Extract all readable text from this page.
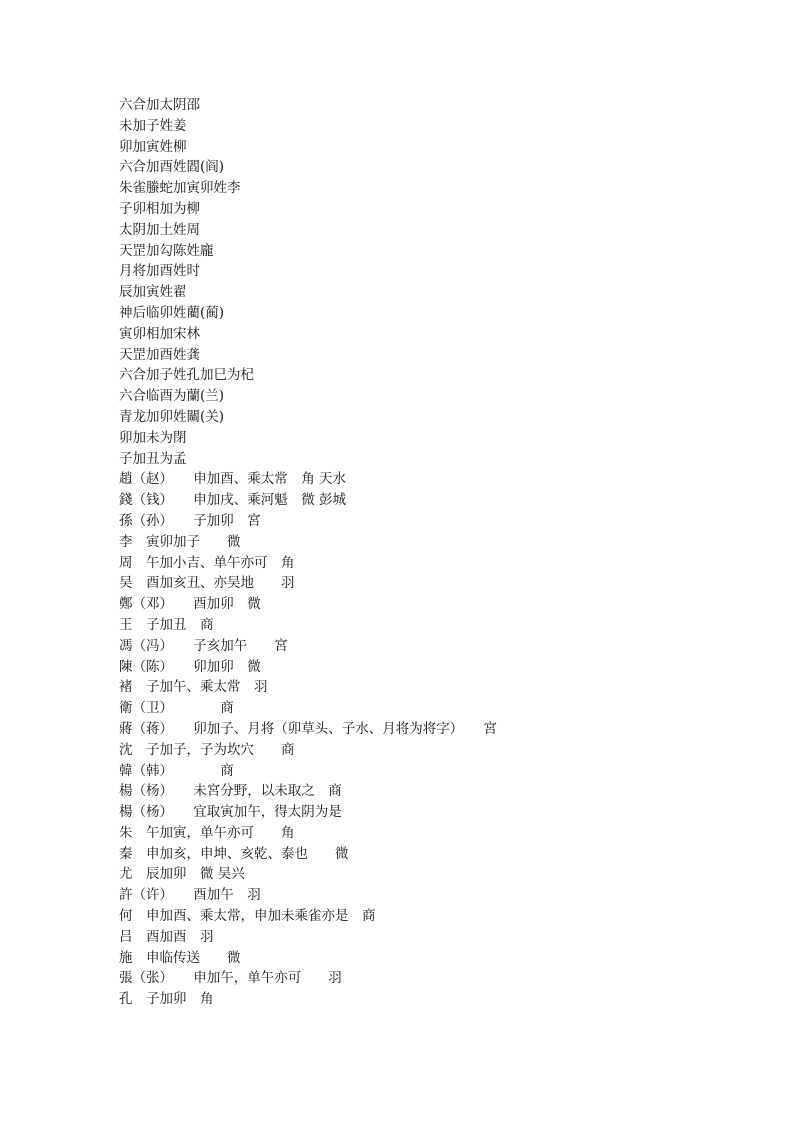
六合加太阴邵
未加子姓姜
卯加寅姓柳
六合加酉姓閻(阎)
朱雀螣蛇加寅卯姓李
子卯相加为柳
太阴加土姓周
天罡加勾陈姓龐
月将加酉姓时
辰加寅姓翟
神后临卯姓藺(蔺)
寅卯相加宋林
天罡加酉姓龚
六合加子姓孔加巳为杞
六合临酉为蘭(兰)
青龙加卯姓關(关)
卯加未为閉
子加丑为孟
趙（赵）　　申加酉、乘太常　角 天水
錢（钱）　　申加戌、乘河魁　微 彭城
孫（孙）　　子加卯　宮
李　寅卯加子　　微
周　午加小吉、单午亦可　角
吴　酉加亥丑、亦吴地　　羽
鄭（邓）　　酉加卯　微
王　子加丑　商
馮（冯）　　子亥加午　　宮
陳（陈）　　卯加卯　微
褚　子加午、乘太常　羽
衛（卫）　　　　商
蔣（蒋）　　卯加子、月将（卯草头、子水、月将为将字）　　宮
沈　子加子，子为坎穴　　商
韓（韩）　　　　商
楊（杨）　　未宮分野，以未取之　商
楊（杨）　　宜取寅加午，得太阴为是
朱　午加寅，单午亦可　　角
秦　申加亥，申坤、亥乾、泰也　　微
尤　辰加卯　微 吴兴
許（许）　　酉加午　羽
何　申加酉、乘太常，申加未乘雀亦是　商
吕　酉加酉　羽
施　申临传送　　微
張（张）　　申加午，单午亦可　　羽
孔　子加卯　角
